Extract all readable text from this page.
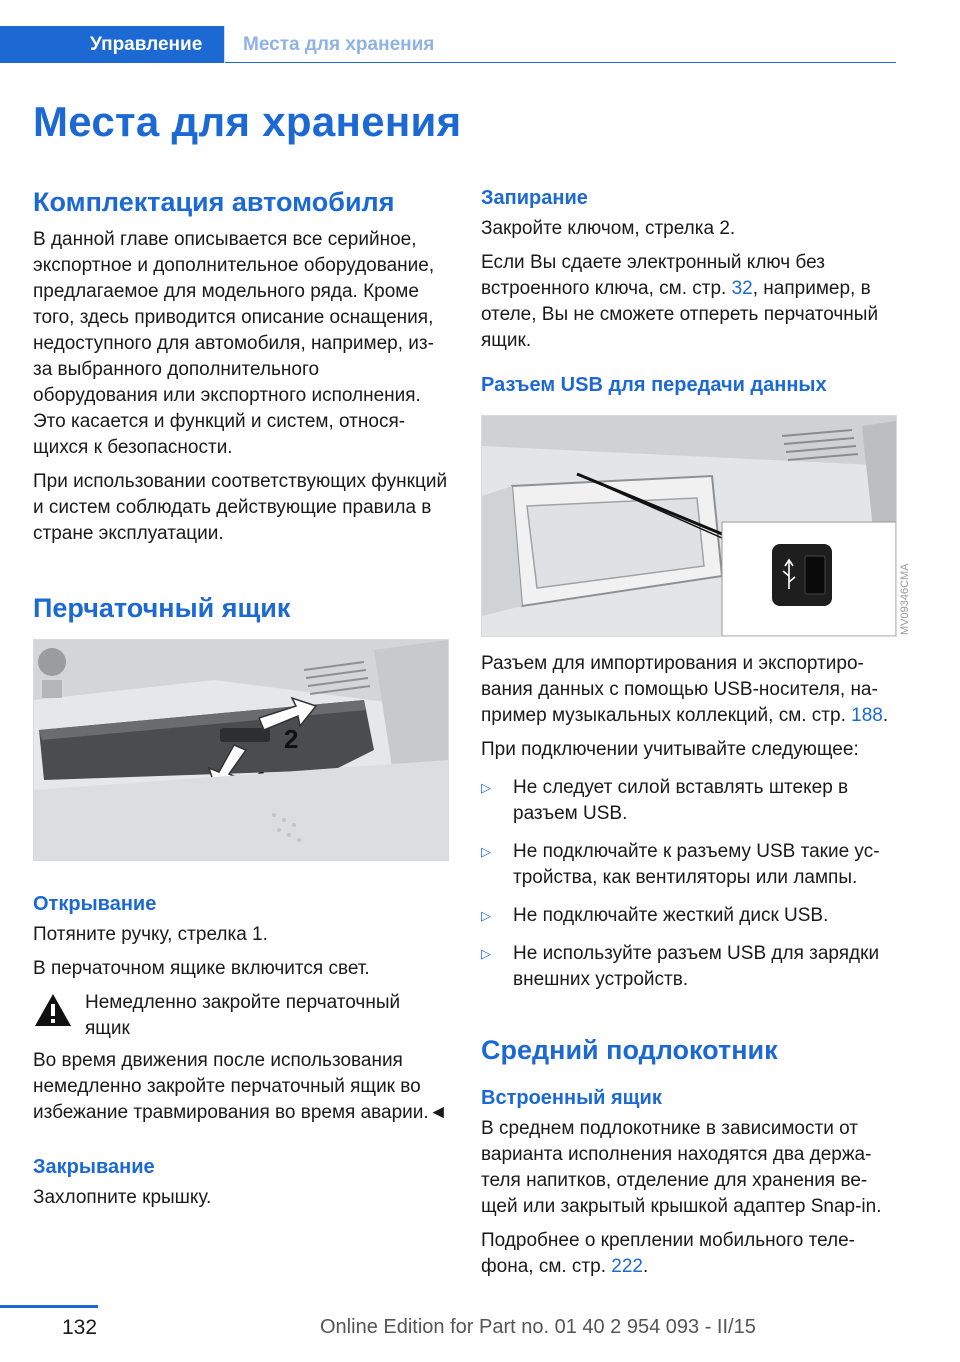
Управление	Места для хранения
Места для хранения
Комплектация автомобиля

В данной главе описывается все серийное, экспортное и дополнительное оборудование, предлагаемое для модельного ряда. Кроме того, здесь приводится описание оснащения, недоступного для автомобиля, например, из-за выбранного дополнительного оборудования или экспортного исполнения. Это касается и функций и систем, относящихся к безопасности.

При использовании соответствующих функций и систем соблюдать действующие правила в стране эксплуатации.

Перчаточный ящик
2
Открывание

Потяните ручку, стрелка 1.

В перчаточном ящике включится свет.

Немедленно закройте перчаточный ящик

Во время движения после использования немедленно закройте перчаточный ящик во избежание травмирования во время аварии.◄

Закрывание

Захлопните крышку.

Запирание

Закройте ключом, стрелка 2.

Если Вы сдаете электронный ключ без встроенного ключа, см. стр. 32, например, в отеле, Вы не сможете отпереть перчаточный ящик.

Разъем USB для передачи данных
MV09346CMA

Разъем для импортирования и экспортирования данных с помощью USB-носителя, например музыкальных коллекций, см. стр. 188.

При подключении учитывайте следующее:

▷ Не следует силой вставлять штекер в разъем USB.
▷ Не подключайте к разъему USB такие устройства, как вентиляторы или лампы.
▷ Не подключайте жесткий диск USB.
▷ Не используйте разъем USB для зарядки внешних устройств.
Средний подлокотник
Встроенный ящик

В среднем подлокотнике в зависимости от варианта исполнения находятся два держателя напитков, отделение для хранения вещей или закрытый крышкой адаптер Snap-in.

Подробнее о креплении мобильного телефона, см. стр. 222.

132	Online Edition for Part no. 01 40 2 954 093 - II/15
